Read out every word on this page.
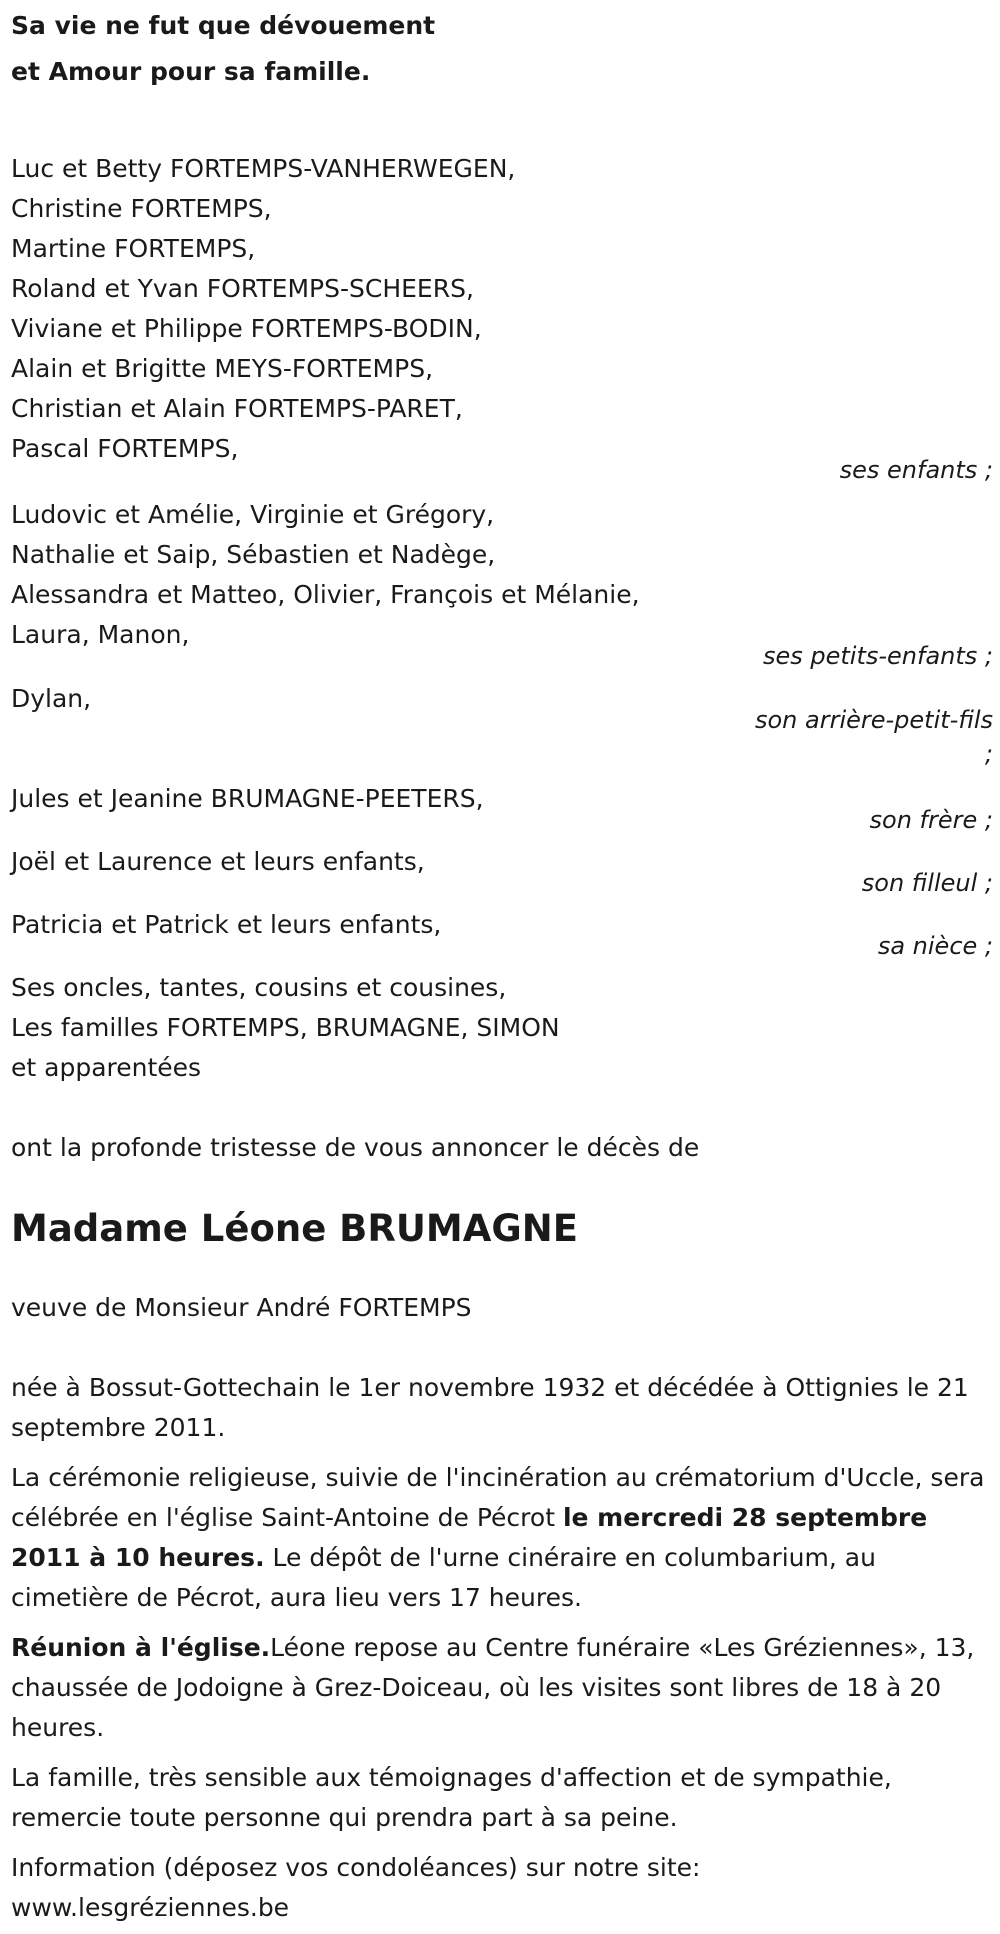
Sa vie ne fut que dévouement
et Amour pour sa famille.
Luc et Betty FORTEMPS-VANHERWEGEN,
Christine FORTEMPS,
Martine FORTEMPS,
Roland et Yvan FORTEMPS-SCHEERS,
Viviane et Philippe FORTEMPS-BODIN,
Alain et Brigitte MEYS-FORTEMPS,
Christian et Alain FORTEMPS-PARET,
Pascal FORTEMPS,
ses enfants ;
Ludovic et Amélie, Virginie et Grégory,
Nathalie et Saip, Sébastien et Nadège,
Alessandra et Matteo, Olivier, François et Mélanie,
Laura, Manon,
ses petits-enfants ;
Dylan,
son arrière-petit-fils
;
Jules et Jeanine BRUMAGNE-PEETERS,
son frère ;
Joël et Laurence et leurs enfants,
son filleul ;
Patricia et Patrick et leurs enfants,
sa nièce ;
Ses oncles, tantes, cousins et cousines,
Les familles FORTEMPS, BRUMAGNE, SIMON
et apparentées
ont la profonde tristesse de vous annoncer le décès de
Madame Léone BRUMAGNE
veuve de Monsieur André FORTEMPS
née à Bossut-Gottechain le 1er novembre 1932 et décédée à Ottignies le 21 septembre 2011.
La cérémonie religieuse, suivie de l'incinération au crématorium d'Uccle, sera célébrée en l'église Saint-Antoine de Pécrot le mercredi 28 septembre 2011 à 10 heures. Le dépôt de l'urne cinéraire en columbarium, au cimetière de Pécrot, aura lieu vers 17 heures.
Réunion à l'église.Léone repose au Centre funéraire «Les Gréziennes», 13, chaussée de Jodoigne à Grez-Doiceau, où les visites sont libres de 18 à 20 heures.
La famille, très sensible aux témoignages d'affection et de sympathie, remercie toute personne qui prendra part à sa peine.
Information (déposez vos condoléances) sur notre site:
www.lesgréziennes.be
